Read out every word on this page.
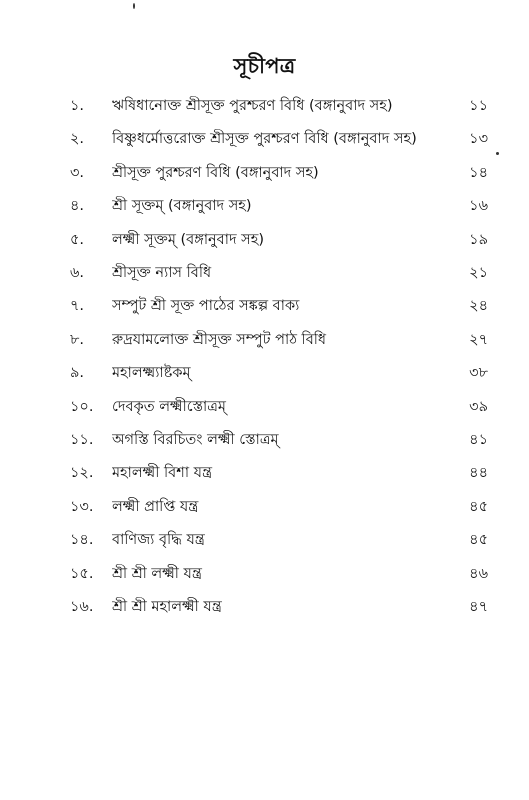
সূচীপত্র
১.	ঋষিধানোক্ত শ্রীসূক্ত পুরশ্চরণ বিধি (বঙ্গানুবাদ সহ)	১১
২.	বিষ্ণুধর্মোত্তরোক্ত শ্রীসূক্ত পুরশ্চরণ বিধি (বঙ্গানুবাদ সহ)	১৩
৩.	শ্রীসূক্ত পুরশ্চরণ বিধি (বঙ্গানুবাদ সহ)	১৪
৪.	শ্রী সূক্তম্ (বঙ্গানুবাদ সহ)	১৬
৫.	লক্ষ্মী সূক্তম্ (বঙ্গানুবাদ সহ)	১৯
৬.	শ্রীসূক্ত ন্যাস বিধি	২১
৭.	সম্পুট শ্রী সূক্ত পাঠের সঙ্কল্প বাক্য	২৪
৮.	রুদ্রযামলোক্ত শ্রীসূক্ত সম্পুট পাঠ বিধি	২৭
৯.	মহালক্ষ্ম্যাষ্টকম্	৩৮
১০.	দেবকৃত লক্ষ্মীস্তোত্রম্	৩৯
১১.	অগস্তি বিরচিতং লক্ষ্মী স্তোত্রম্	৪১
১২.	মহালক্ষ্মী বিশা যন্ত্র	৪৪
১৩.	লক্ষ্মী প্রাপ্তি যন্ত্র	৪৫
১৪.	বাণিজ্য বৃদ্ধি যন্ত্র	৪৫
১৫.	শ্রী শ্রী লক্ষ্মী যন্ত্র	৪৬
১৬.	শ্রী শ্রী মহালক্ষ্মী যন্ত্র	৪৭
